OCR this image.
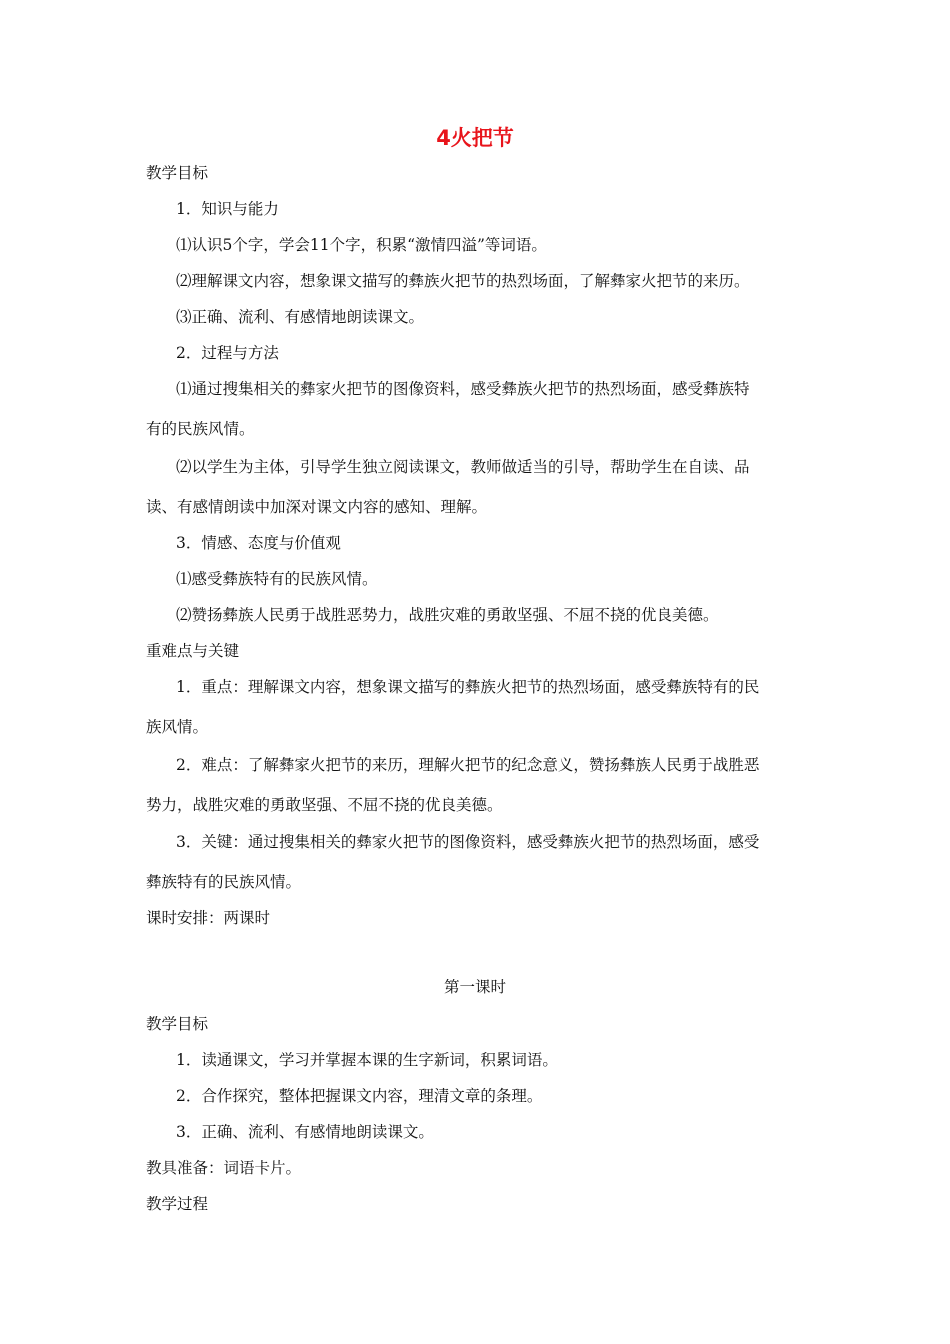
4火把节
教学目标
1．知识与能力
⑴认识5个字，学会11个字，积累“激情四溢”等词语。
⑵理解课文内容，想象课文描写的彝族火把节的热烈场面，了解彝家火把节的来历。
⑶正确、流利、有感情地朗读课文。
2．过程与方法
⑴通过搜集相关的彝家火把节的图像资料，感受彝族火把节的热烈场面，感受彝族特
有的民族风情。
⑵以学生为主体，引导学生独立阅读课文，教师做适当的引导，帮助学生在自读、品
读、有感情朗读中加深对课文内容的感知、理解。
3．情感、态度与价值观
⑴感受彝族特有的民族风情。
⑵赞扬彝族人民勇于战胜恶势力，战胜灾难的勇敢坚强、不屈不挠的优良美德。
重难点与关键
1．重点：理解课文内容，想象课文描写的彝族火把节的热烈场面，感受彝族特有的民
族风情。
2．难点：了解彝家火把节的来历，理解火把节的纪念意义，赞扬彝族人民勇于战胜恶
势力，战胜灾难的勇敢坚强、不屈不挠的优良美德。
3．关键：通过搜集相关的彝家火把节的图像资料，感受彝族火把节的热烈场面，感受
彝族特有的民族风情。
课时安排：两课时
第一课时
教学目标
1．读通课文，学习并掌握本课的生字新词，积累词语。
2．合作探究，整体把握课文内容，理清文章的条理。
3．正确、流利、有感情地朗读课文。
教具准备：词语卡片。
教学过程
